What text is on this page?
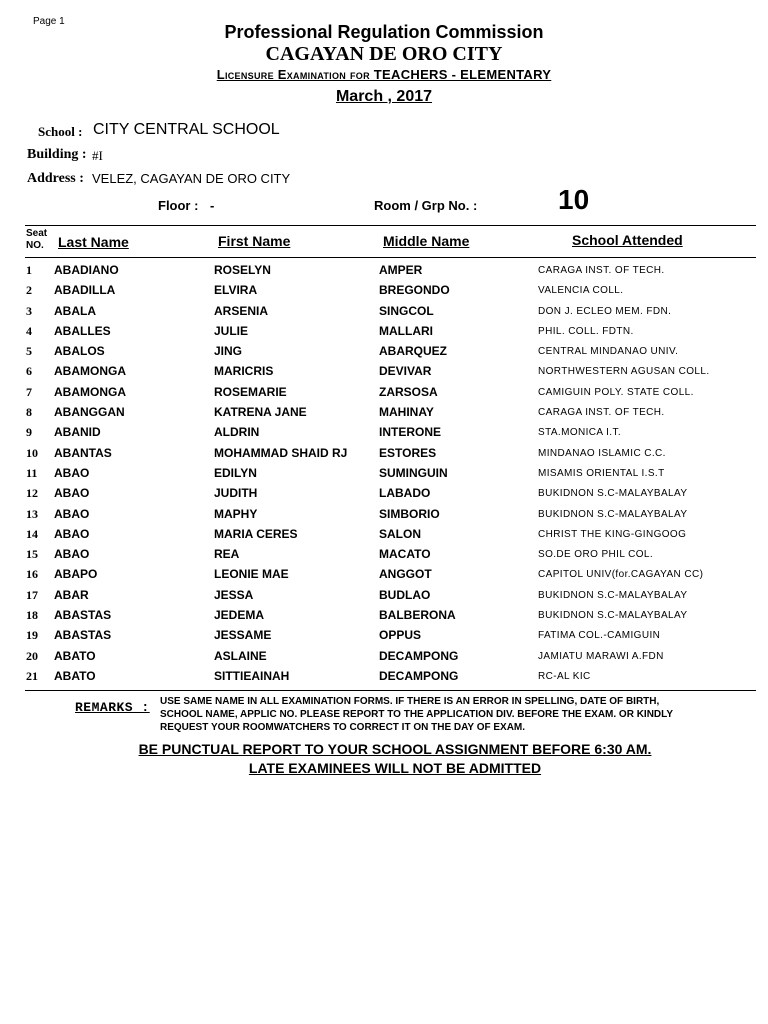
Page 1
Professional Regulation Commission
CAGAYAN DE ORO CITY
Licensure Examination for TEACHERS - ELEMENTARY
March , 2017
School : CITY CENTRAL SCHOOL
Building : #I
Address : VELEZ, CAGAYAN DE ORO CITY
Floor : -	Room / Grp No. :	10
Seat
NO. Last Name	First Name	Middle Name	School Attended
1 ABADIANO	ROSELYN	AMPER	CARAGA INST. OF TECH.
2 ABADILLA	ELVIRA	BREGONDO	VALENCIA COLL.
3 ABALA	ARSENIA	SINGCOL	DON J. ECLEO MEM. FDN.
4 ABALLES	JULIE	MALLARI	PHIL. COLL. FDTN.
5 ABALOS	JING	ABARQUEZ	CENTRAL MINDANAO UNIV.
6 ABAMONGA	MARICRIS	DEVIVAR	NORTHWESTERN AGUSAN COLL.
7 ABAMONGA	ROSEMARIE	ZARSOSA	CAMIGUIN POLY. STATE COLL.
8 ABANGGAN	KATRENA JANE	MAHINAY	CARAGA INST. OF TECH.
9 ABANID	ALDRIN	INTERONE	STA.MONICA I.T.
10 ABANTAS	MOHAMMAD SHAID RJ	ESTORES	MINDANAO ISLAMIC C.C.
11 ABAO	EDILYN	SUMINGUIN	MISAMIS ORIENTAL I.S.T
12 ABAO	JUDITH	LABADO	BUKIDNON S.C-MALAYBALAY
13 ABAO	MAPHY	SIMBORIO	BUKIDNON S.C-MALAYBALAY
14 ABAO	MARIA CERES	SALON	CHRIST THE KING-GINGOOG
15 ABAO	REA	MACATO	SO.DE ORO PHIL COL.
16 ABAPO	LEONIE MAE	ANGGOT	CAPITOL UNIV(for.CAGAYAN CC)
17 ABAR	JESSA	BUDLAO	BUKIDNON S.C-MALAYBALAY
18 ABASTAS	JEDEMA	BALBERONA	BUKIDNON S.C-MALAYBALAY
19 ABASTAS	JESSAME	OPPUS	FATIMA COL.-CAMIGUIN
20 ABATO	ASLAINE	DECAMPONG	JAMIATU MARAWI A.FDN
21 ABATO	SITTIEAINAH	DECAMPONG	RC-AL KIC
REMARKS : USE SAME NAME IN ALL EXAMINATION FORMS. IF THERE IS AN ERROR IN SPELLING, DATE OF BIRTH, SCHOOL NAME, APPLIC NO. PLEASE REPORT TO THE APPLICATION DIV. BEFORE THE EXAM. OR KINDLY REQUEST YOUR ROOMWATCHERS TO CORRECT IT ON THE DAY OF EXAM.
BE PUNCTUAL REPORT TO YOUR SCHOOL ASSIGNMENT BEFORE 6:30 AM.
LATE EXAMINEES WILL NOT BE ADMITTED
